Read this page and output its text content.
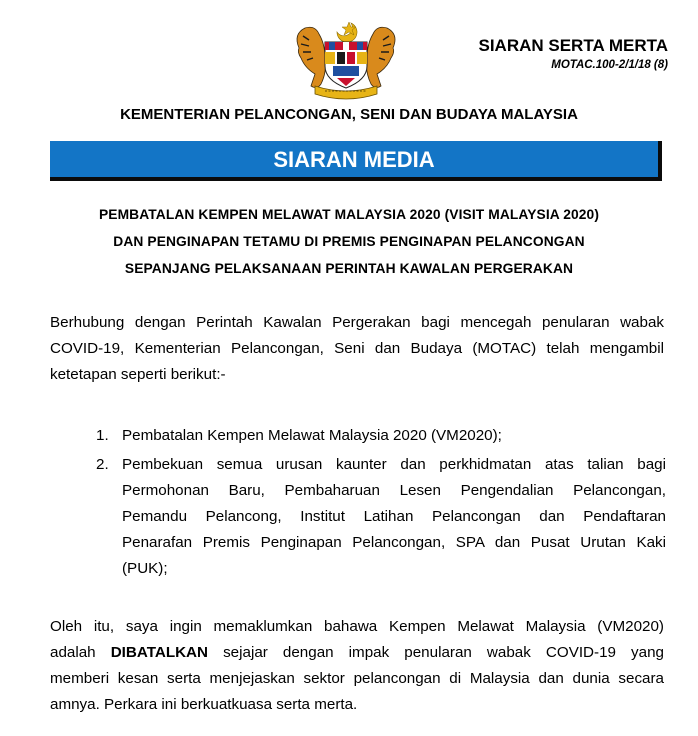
SIARAN SERTA MERTA
MOTAC.100-2/1/18 (8)
KEMENTERIAN PELANCONGAN, SENI DAN BUDAYA MALAYSIA
SIARAN MEDIA
PEMBATALAN KEMPEN MELAWAT MALAYSIA 2020 (VISIT MALAYSIA 2020)
DAN PENGINAPAN TETAMU DI PREMIS PENGINAPAN PELANCONGAN
SEPANJANG PELAKSANAAN PERINTAH KAWALAN PERGERAKAN
Berhubung dengan Perintah Kawalan Pergerakan bagi mencegah penularan wabak
COVID-19, Kementerian Pelancongan, Seni dan Budaya (MOTAC) telah mengambil
ketetapan seperti berikut:-
1. Pembatalan Kempen Melawat Malaysia 2020 (VM2020);
2. Pembekuan semua urusan kaunter dan perkhidmatan atas talian bagi
Permohonan Baru, Pembaharuan Lesen Pengendalian Pelancongan,
Pemandu Pelancong, Institut Latihan Pelancongan dan Pendaftaran
Penarafan Premis Penginapan Pelancongan, SPA dan Pusat Urutan Kaki
(PUK);
Oleh itu, saya ingin memaklumkan bahawa Kempen Melawat Malaysia (VM2020)
adalah DIBATALKAN sejajar dengan impak penularan wabak COVID-19 yang
memberi kesan serta menjejaskan sektor pelancongan di Malaysia dan dunia secara
amnya. Perkara ini berkuatkuasa serta merta.
